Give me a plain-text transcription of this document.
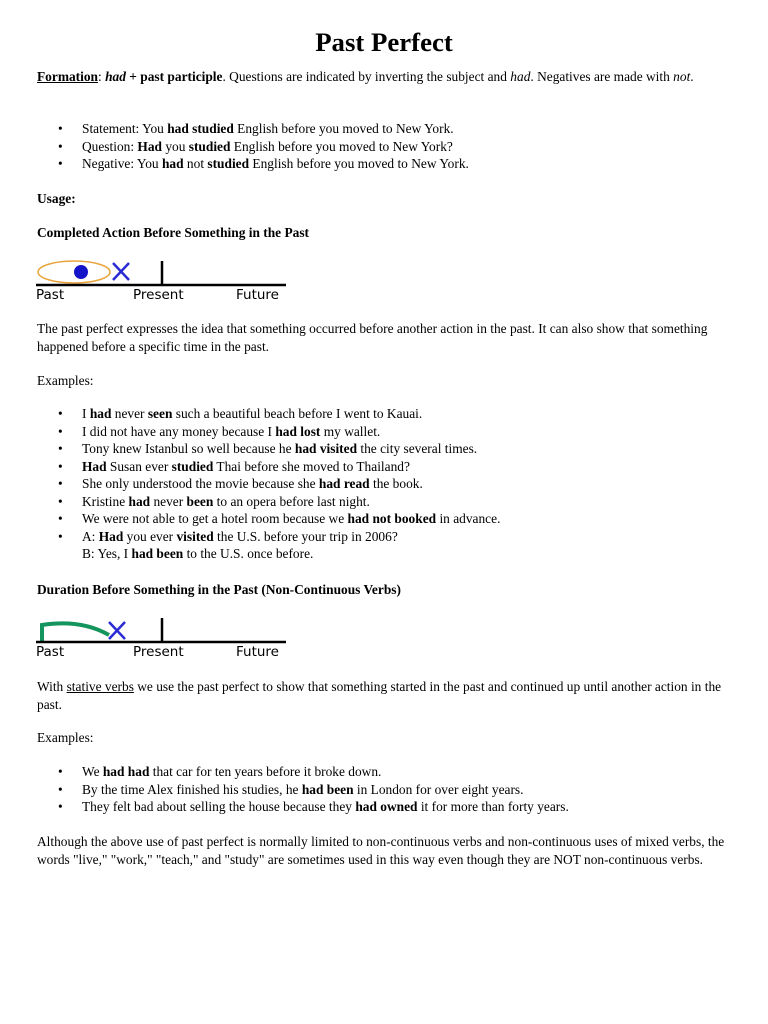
Past Perfect

Formation: had + past participle. Questions are indicated by inverting the subject and had. Negatives are made with not.

• Statement: You had studied English before you moved to New York.
• Question: Had you studied English before you moved to New York?
• Negative: You had not studied English before you moved to New York.
Usage:
Completed Action Before Something in the Past
Past	Present	Future

The past perfect expresses the idea that something occurred before another action in the past. It can also show that something happened before a specific time in the past.

Examples:

• I had never seen such a beautiful beach before I went to Kauai.
• I did not have any money because I had lost my wallet.
• Tony knew Istanbul so well because he had visited the city several times.
• Had Susan ever studied Thai before she moved to Thailand?
• She only understood the movie because she had read the book.
• Kristine had never been to an opera before last night.
• We were not able to get a hotel room because we had not booked in advance.
• A: Had you ever visited the U.S. before your trip in 2006?
B: Yes, I had been to the U.S. once before.
Duration Before Something in the Past (Non-Continuous Verbs)
Past	Present	Future

With stative verbs we use the past perfect to show that something started in the past and continued up until another action in the past.

Examples:

• We had had that car for ten years before it broke down.
• By the time Alex finished his studies, he had been in London for over eight years.
• They felt bad about selling the house because they had owned it for more than forty years.

Although the above use of past perfect is normally limited to non-continuous verbs and non-continuous uses of mixed verbs, the words "live," "work," "teach," and "study" are sometimes used in this way even though they are NOT non-continuous verbs.
